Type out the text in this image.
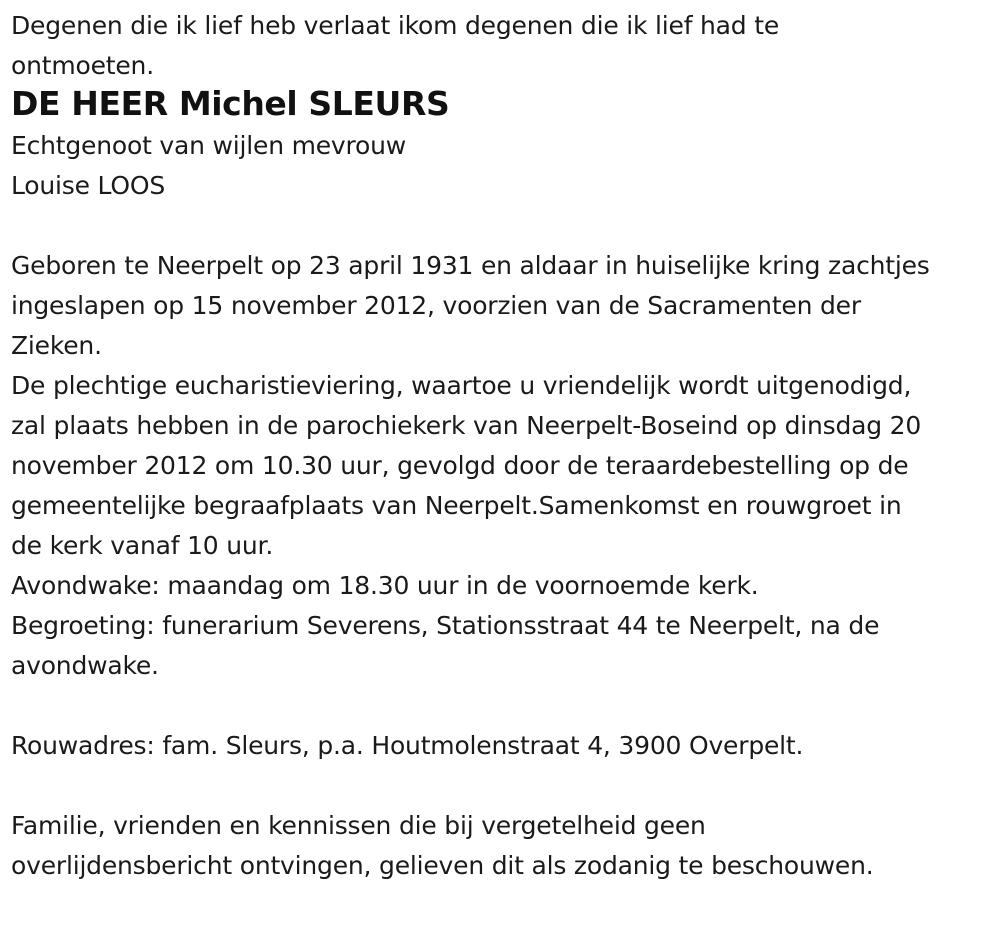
Degenen die ik lief heb verlaat ikom degenen die ik lief had te
ontmoeten.
DE HEER Michel SLEURS
Echtgenoot van wijlen mevrouw
Louise LOOS
Geboren te Neerpelt op 23 april 1931 en aldaar in huiselijke kring zachtjes
ingeslapen op 15 november 2012, voorzien van de Sacramenten der
Zieken.
De plechtige eucharistieviering, waartoe u vriendelijk wordt uitgenodigd,
zal plaats hebben in de parochiekerk van Neerpelt-Boseind op dinsdag 20
november 2012 om 10.30 uur, gevolgd door de teraardebestelling op de
gemeentelijke begraafplaats van Neerpelt.Samenkomst en rouwgroet in
de kerk vanaf 10 uur.
Avondwake: maandag om 18.30 uur in de voornoemde kerk.
Begroeting: funerarium Severens, Stationsstraat 44 te Neerpelt, na de
avondwake.
Rouwadres: fam. Sleurs, p.a. Houtmolenstraat 4, 3900 Overpelt.
Familie, vrienden en kennissen die bij vergetelheid geen
overlijdensbericht ontvingen, gelieven dit als zodanig te beschouwen.
